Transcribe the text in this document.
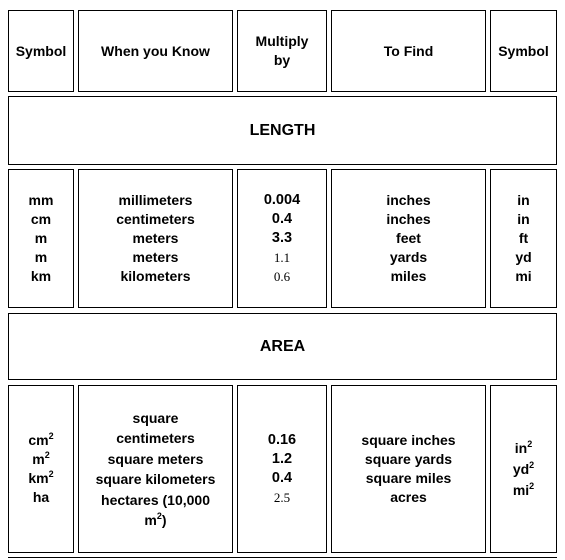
Symbol When you Know
Multiply
by
To Find	Symbol
LENGTH
mm
cm
m
m
km
millimeters
centimeters
meters
meters
kilometers
0.004
0.4
3.3
1.1
0.6
inches
inches
feet
yards
miles
in
in
ft
yd
mi
AREA
$cm^2$
$m^2$
$km^2$
ha
square
centimeters
square meters
square kilometers
hectares (10,000
$m^2$)
0.16
1.2
0.4
2.5
square inches
square yards
square miles
acres
$in^2$
$yd^2$
$mi^2$
